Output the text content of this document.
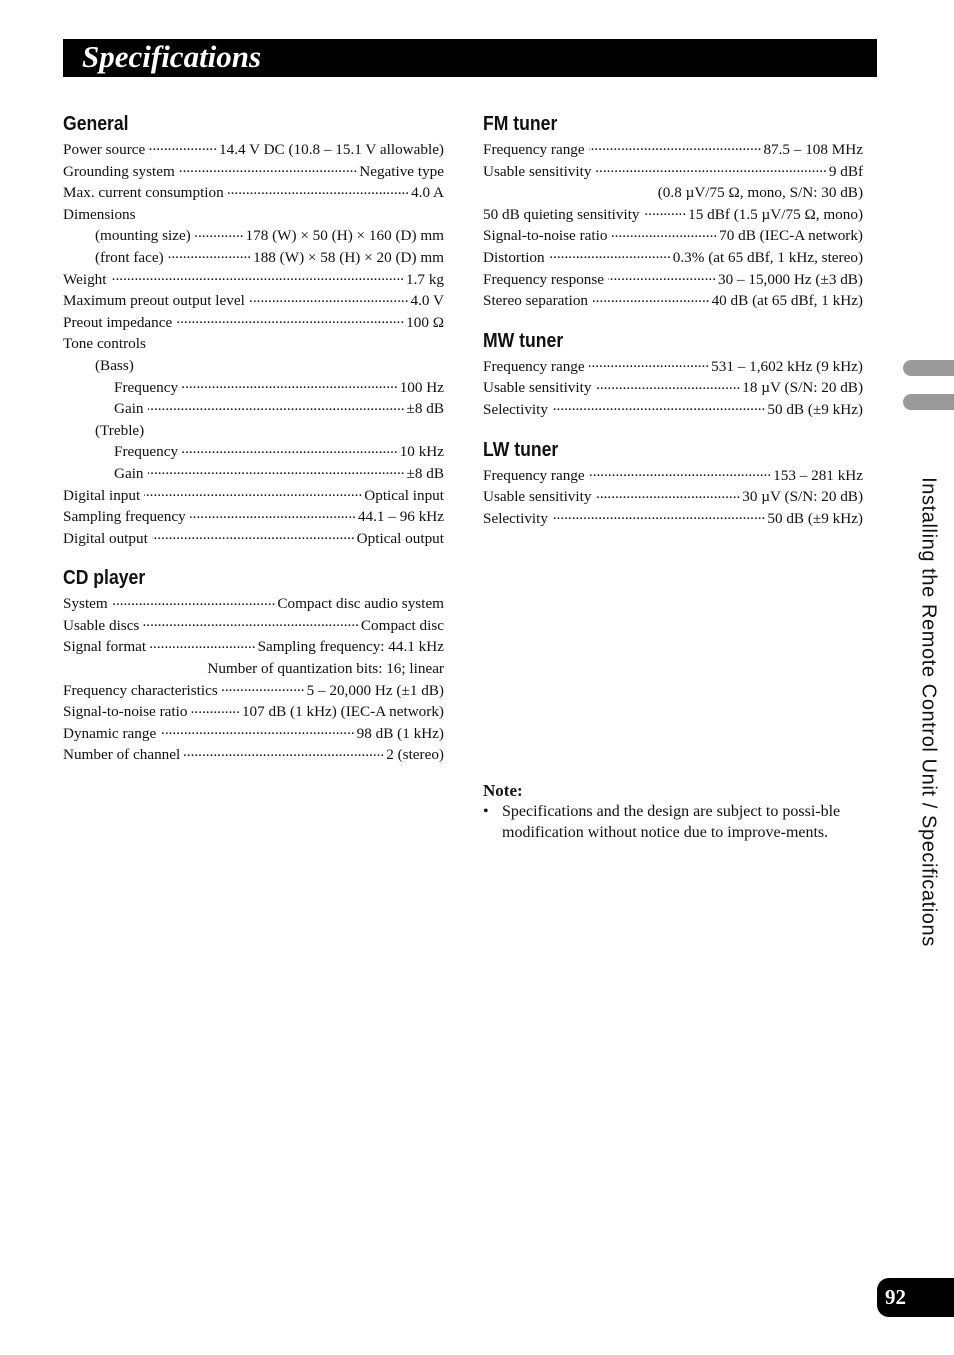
Specifications
General
Power source .....	14.4 V DC (10.8 – 15.1 V allowable)
Grounding system .....	Negative type
Max. current consumption .....	4.0 A
Dimensions
(mounting size) .....	178 (W) × 50 (H) × 160 (D) mm
(front face) .....	188 (W) × 58 (H) × 20 (D) mm
Weight .....	1.7 kg
Maximum preout output level .....	4.0 V
Preout impedance .....	100 Ω
Tone controls
(Bass)
Frequency .....	100 Hz
Gain .....	±8 dB
(Treble)
Frequency .....	10 kHz
Gain .....	±8 dB
Digital input .....	Optical input
Sampling frequency .....	44.1 – 96 kHz
Digital output .....	Optical output
CD player
System .....	Compact disc audio system
Usable discs .....	Compact disc
Signal format .....	Sampling frequency: 44.1 kHz
Number of quantization bits: 16; linear
Frequency characteristics .....	5 – 20,000 Hz (±1 dB)
Signal-to-noise ratio .....	107 dB (1 kHz) (IEC-A network)
Dynamic range .....	98 dB (1 kHz)
Number of channel .....	2 (stereo)
FM tuner
Frequency range .....	87.5 – 108 MHz
Usable sensitivity .....	9 dBf
(0.8 µV/75 Ω, mono, S/N: 30 dB)
50 dB quieting sensitivity .....	15 dBf (1.5 µV/75 Ω, mono)
Signal-to-noise ratio .....	70 dB (IEC-A network)
Distortion .....	0.3% (at 65 dBf, 1 kHz, stereo)
Frequency response .....	30 – 15,000 Hz (±3 dB)
Stereo separation .....	40 dB (at 65 dBf, 1 kHz)
MW tuner
Frequency range .....	531 – 1,602 kHz (9 kHz)
Usable sensitivity .....	18 µV (S/N: 20 dB)
Selectivity .....	50 dB (±9 kHz)
LW tuner
Frequency range .....	153 – 281 kHz
Usable sensitivity .....	30 µV (S/N: 20 dB)
Selectivity .....	50 dB (±9 kHz)
Note:
• Specifications and the design are subject to possi-ble modification without notice due to improve-ments.	Installing the Remote Control Unit / Specifications
92
